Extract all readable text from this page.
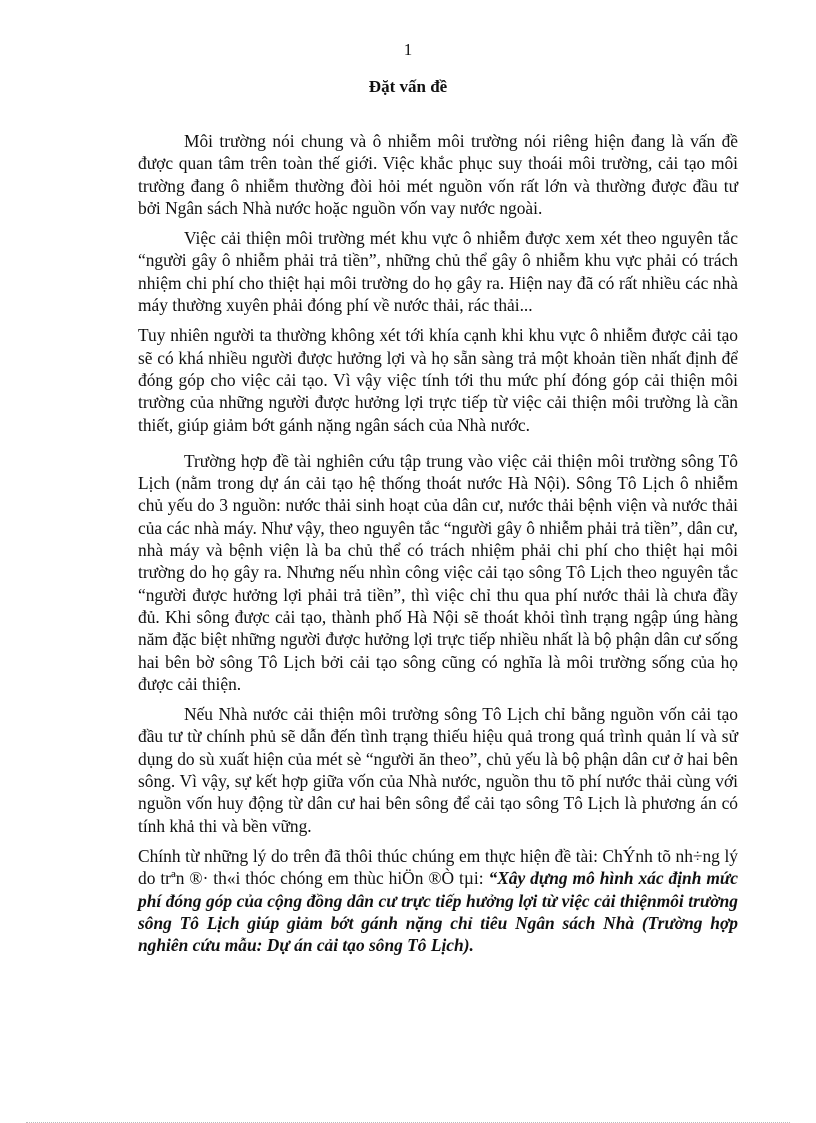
1
Đặt vấn đề

Môi trường nói chung và ô nhiễm môi trường nói riêng hiện đang là vấn đề được quan tâm trên toàn thế giới. Việc khắc phục suy thoái môi trường, cải tạo môi trường đang ô nhiễm thường đòi hỏi mét nguồn vốn rất lớn và thường được đầu tư bởi Ngân sách Nhà nước hoặc nguồn vốn vay nước ngoài.

Việc cải thiện môi trường mét khu vực ô nhiễm được xem xét theo nguyên tắc “người gây ô nhiễm phải trả tiền”, những chủ thể gây ô nhiễm khu vực phải có trách nhiệm chi phí cho thiệt hại môi trường do họ gây ra. Hiện nay đã có rất nhiều các nhà máy thường xuyên phải đóng phí về nước thải, rác thải...

Tuy nhiên người ta thường không xét tới khía cạnh khi khu vực ô nhiễm được cải tạo sẽ có khá nhiều người được hưởng lợi và họ sẵn sàng trả một khoản tiền nhất định để đóng góp cho việc cải tạo. Vì vậy việc tính tới thu mức phí đóng góp cải thiện môi trường của những người được hưởng lợi trực tiếp từ việc cải thiện môi trường là cần thiết, giúp giảm bớt gánh nặng ngân sách của Nhà nước.

Trường hợp đề tài nghiên cứu tập trung vào việc cải thiện môi trường sông Tô Lịch (nằm trong dự án cải tạo hệ thống thoát nước Hà Nội). Sông Tô Lịch ô nhiễm chủ yếu do 3 nguồn: nước thải sinh hoạt của dân cư, nước thải bệnh viện và nước thải của các nhà máy. Như vậy, theo nguyên tắc “người gây ô nhiễm phải trả tiền”, dân cư, nhà máy và bệnh viện là ba chủ thể có trách nhiệm phải chi phí cho thiệt hại môi trường do họ gây ra. Nhưng nếu nhìn công việc cải tạo sông Tô Lịch theo nguyên tắc “người được hưởng lợi phải trả tiền”, thì việc chỉ thu qua phí nước thải là chưa đầy đủ. Khi sông được cải tạo, thành phố Hà Nội sẽ thoát khỏi tình trạng ngập úng hàng năm đặc biệt những người được hưởng lợi trực tiếp nhiều nhất là bộ phận dân cư sống hai bên bờ sông Tô Lịch bởi cải tạo sông cũng có nghĩa là môi trường sống của họ được cải thiện.

Nếu Nhà nước cải thiện môi trường sông Tô Lịch chỉ bằng nguồn vốn cải tạo đầu tư từ chính phủ sẽ dẫn đến tình trạng thiếu hiệu quả trong quá trình quản lí và sử dụng do sù xuất hiện của mét sè “người ăn theo”, chủ yếu là bộ phận dân cư ở hai bên sông. Vì vậy, sự kết hợp giữa vốn của Nhà nước, nguồn thu tõ phí nước thải cùng với nguồn vốn huy động từ dân cư hai bên sông để cải tạo sông Tô Lịch là phương án có tính khả thi và bền vững.

Chính từ những lý do trên đã thôi thúc chúng em thực hiện đề tài: ChÝnh tõ nh÷ng lý do trªn ®· th«i thóc chóng em thùc hiÖn ®Ò tµi: “Xây dựng mô hình xác định mức phí đóng góp của cộng đồng dân cư trực tiếp hưởng lợi từ việc cải thiệnmôi trường sông Tô Lịch giúp giảm bớt gánh nặng chỉ tiêu Ngân sách Nhà (Trường hợp nghiên cứu mẫu: Dự án cải tạo sông Tô Lịch).
